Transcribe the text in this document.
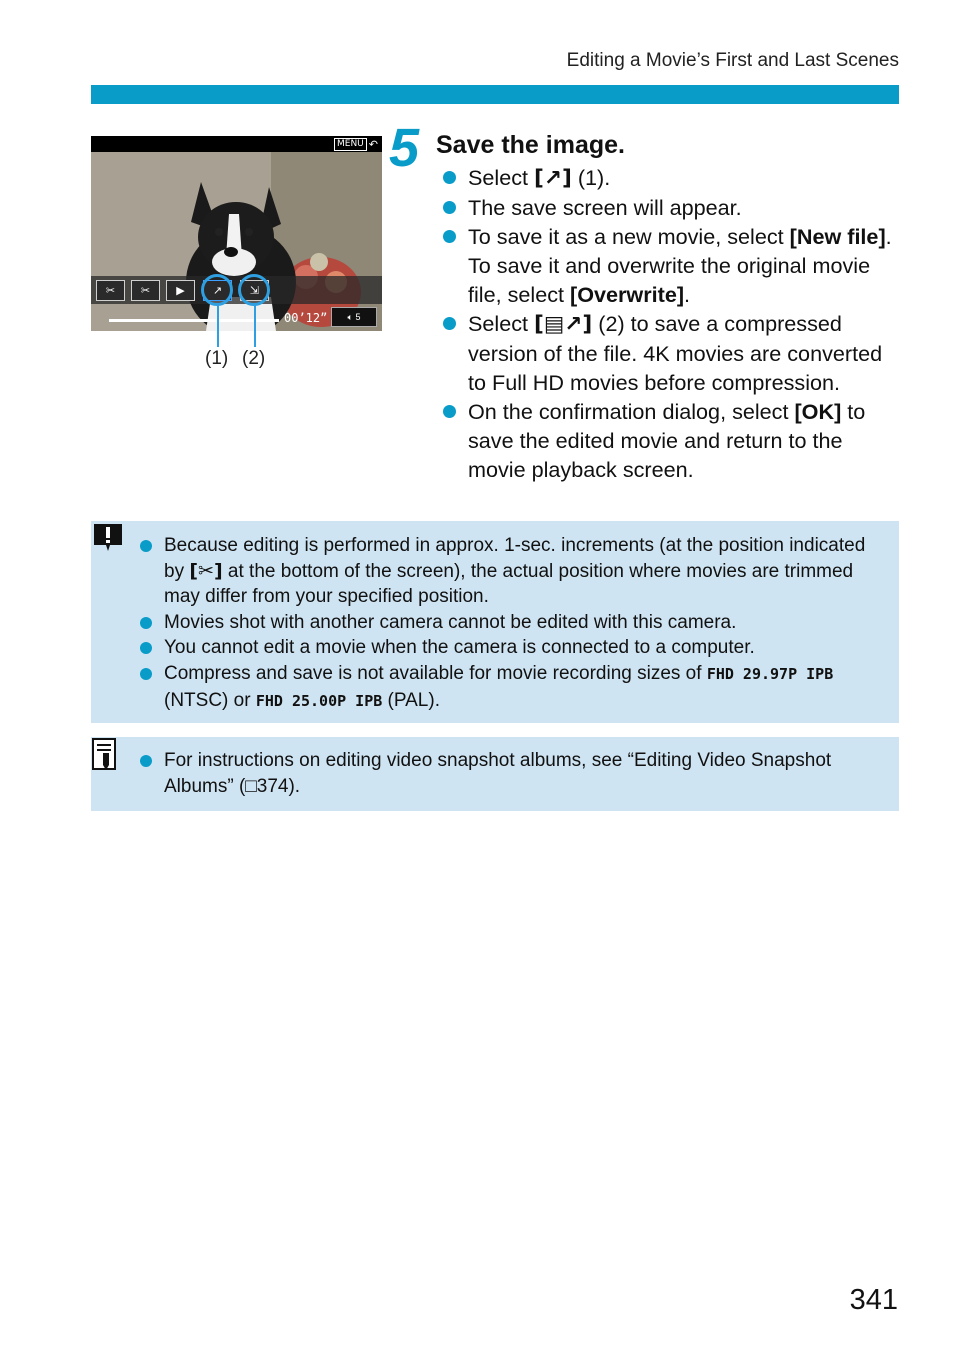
Editing a Movie’s First and Last Scenes
MENU ↶
✂ ✂ ▶	↗	⇲
00’12” 🔈︎
5
(1) (2)
5 Save the image.
Select [↗] (1).
The save screen will appear.
To save it as a new movie, select [New file]. To save it and overwrite the original movie file, select [Overwrite].
Select [▤↗] (2) to save a compressed version of the file. 4K movies are converted to Full HD movies before compression.
On the confirmation dialog, select [OK] to save the edited movie and return to the movie playback screen.
Because editing is performed in approx. 1-sec. increments (at the position indicated by [✂] at the bottom of the screen), the actual position where movies are trimmed may differ from your specified position.
Movies shot with another camera cannot be edited with this camera.
You cannot edit a movie when the camera is connected to a computer.
Compress and save is not available for movie recording sizes of FHD 29.97P IPB (NTSC) or FHD 25.00P IPB (PAL).
For instructions on editing video snapshot albums, see “Editing Video Snapshot Albums” (□374).
341
